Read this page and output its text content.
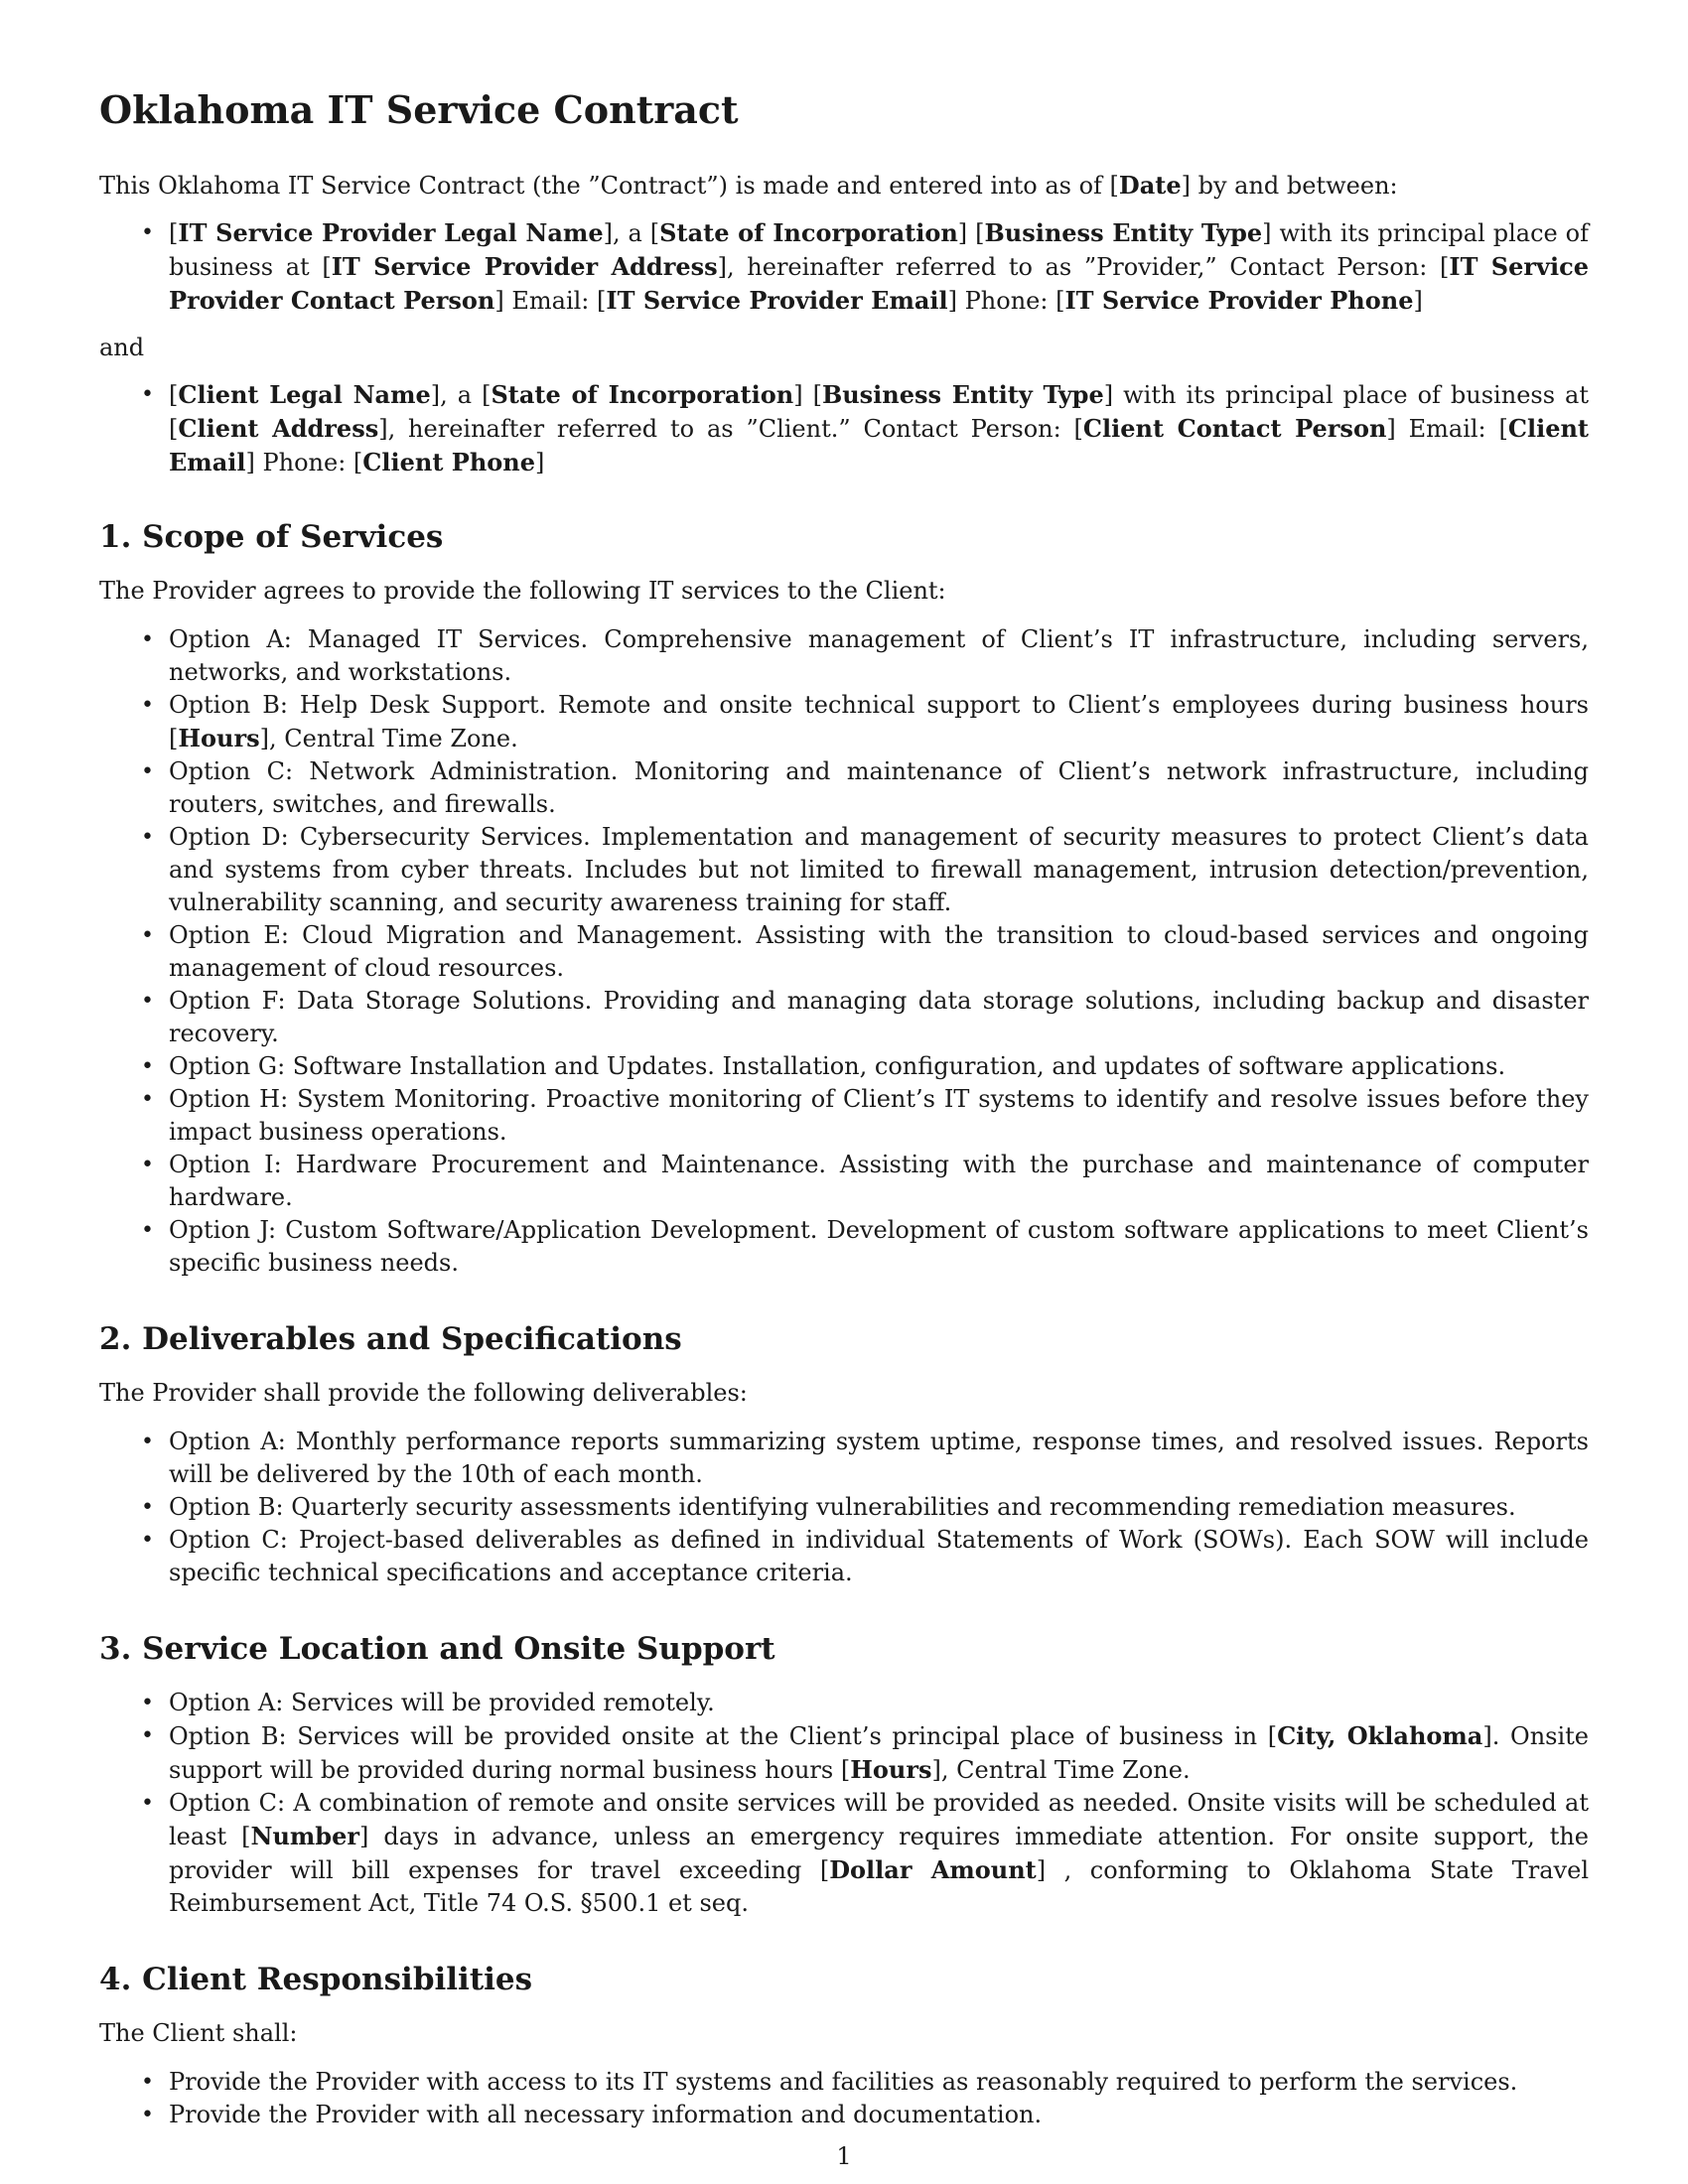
Oklahoma IT Service Contract

This Oklahoma IT Service Contract (the ”Contract”) is made and entered into as of [Date] by and between:

• [IT Service Provider Legal Name], a [State of Incorporation] [Business Entity Type] with its principal place of business at [IT Service Provider Address], hereinafter referred to as ”Provider,” Contact Person: [IT Service Provider Contact Person] Email: [IT Service Provider Email] Phone: [IT Service Provider Phone]

and

• [Client Legal Name], a [State of Incorporation] [Business Entity Type] with its principal place of business at [Client Address], hereinafter referred to as ”Client.” Contact Person: [Client Contact Person] Email: [Client Email] Phone: [Client Phone]
1. Scope of Services

The Provider agrees to provide the following IT services to the Client:

• Option A: Managed IT Services. Comprehensive management of Client’s IT infrastructure, including servers, networks, and workstations.
• Option B: Help Desk Support. Remote and onsite technical support to Client’s employees during business hours [Hours], Central Time Zone.
• Option C: Network Administration. Monitoring and maintenance of Client’s network infrastructure, including routers, switches, and firewalls.
• Option D: Cybersecurity Services. Implementation and management of security measures to protect Client’s data and systems from cyber threats. Includes but not limited to firewall management, intrusion detection/prevention, vulnerability scanning, and security awareness training for staff.
• Option E: Cloud Migration and Management. Assisting with the transition to cloud-based services and ongoing management of cloud resources.
• Option F: Data Storage Solutions. Providing and managing data storage solutions, including backup and disaster recovery.
• Option G: Software Installation and Updates. Installation, configuration, and updates of software applications.
• Option H: System Monitoring. Proactive monitoring of Client’s IT systems to identify and resolve issues before they impact business operations.
• Option I: Hardware Procurement and Maintenance. Assisting with the purchase and maintenance of computer hardware.
• Option J: Custom Software/Application Development. Development of custom software applications to meet Client’s specific business needs.
2. Deliverables and Specifications

The Provider shall provide the following deliverables:

• Option A: Monthly performance reports summarizing system uptime, response times, and resolved issues. Reports will be delivered by the 10th of each month.
• Option B: Quarterly security assessments identifying vulnerabilities and recommending remediation measures.
• Option C: Project-based deliverables as defined in individual Statements of Work (SOWs). Each SOW will include specific technical specifications and acceptance criteria.
3. Service Location and Onsite Support
• Option A: Services will be provided remotely.
• Option B: Services will be provided onsite at the Client’s principal place of business in [City, Oklahoma]. Onsite support will be provided during normal business hours [Hours], Central Time Zone.
• Option C: A combination of remote and onsite services will be provided as needed. Onsite visits will be scheduled at least [Number] days in advance, unless an emergency requires immediate attention. For onsite support, the provider will bill expenses for travel exceeding [Dollar Amount] , conforming to Oklahoma State Travel Reimbursement Act, Title 74 O.S. §500.1 et seq.
4. Client Responsibilities

The Client shall:

• Provide the Provider with access to its IT systems and facilities as reasonably required to perform the services.
• Provide the Provider with all necessary information and documentation.
1
